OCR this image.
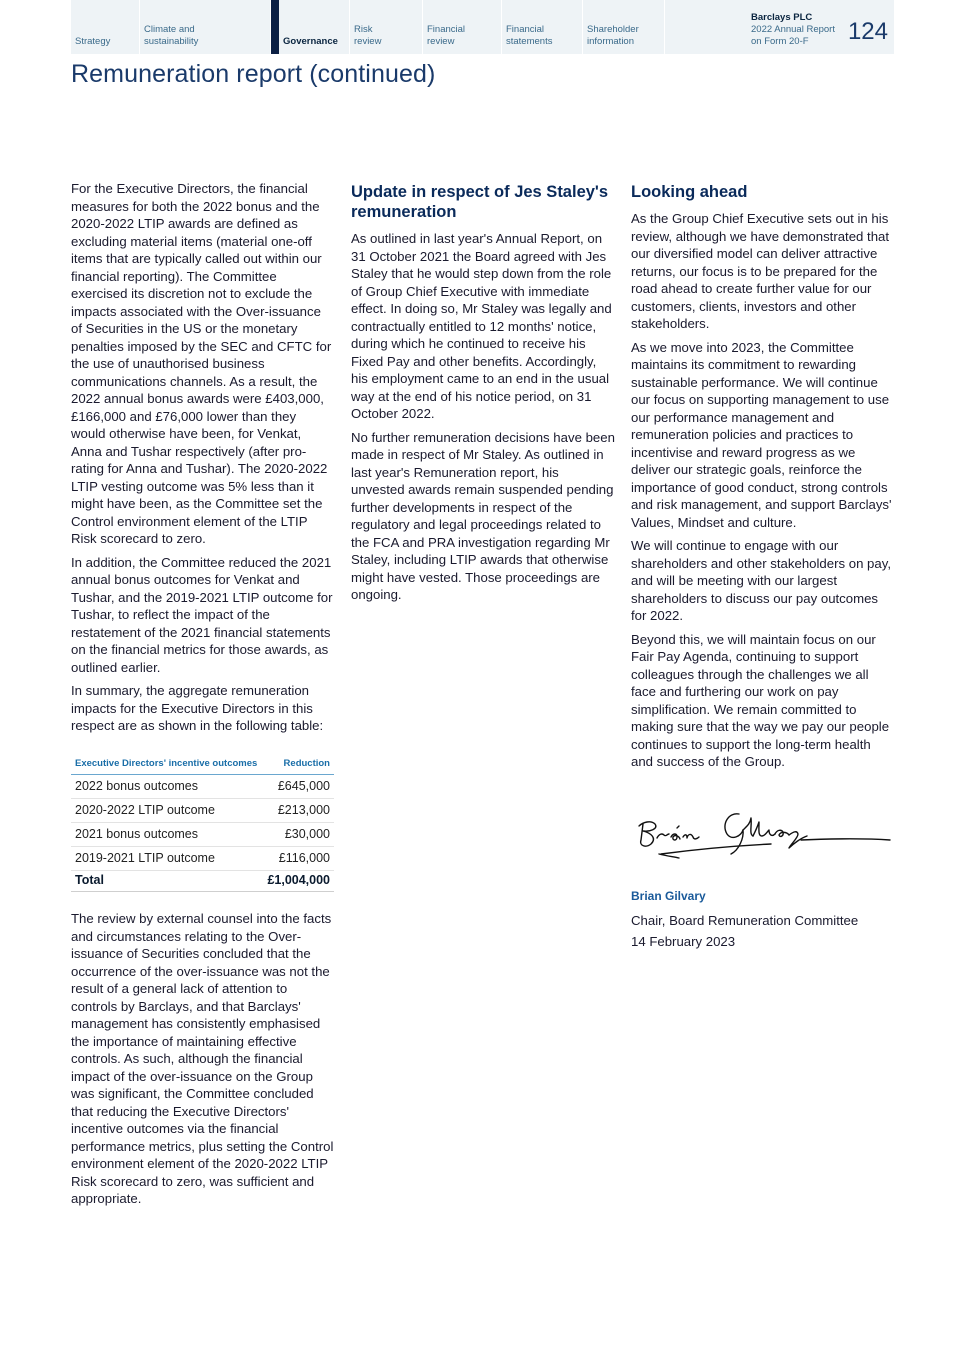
Strategy
Climate and sustainability	Governance
Risk review
Financial review
Financial statements
Shareholder information
Barclays PLC
2022 Annual Report on Form 20-F	124
Remuneration report (continued)

For the Executive Directors, the financial measures for both the 2022 bonus and the 2020-2022 LTIP awards are defined as excluding material items (material one-off items that are typically called out within our financial reporting). The Committee exercised its discretion not to exclude the impacts associated with the Over-issuance of Securities in the US or the monetary penalties imposed by the SEC and CFTC for the use of unauthorised business communications channels. As a result, the 2022 annual bonus awards were £403,000, £166,000 and £76,000 lower than they would otherwise have been, for Venkat, Anna and Tushar respectively (after pro-rating for Anna and Tushar). The 2020-2022 LTIP vesting outcome was 5% less than it might have been, as the Committee set the Control environment element of the LTIP Risk scorecard to zero.

In addition, the Committee reduced the 2021 annual bonus outcomes for Venkat and Tushar, and the 2019-2021 LTIP outcome for Tushar, to reflect the impact of the restatement of the 2021 financial statements on the financial metrics for those awards, as outlined earlier.

In summary, the aggregate remuneration impacts for the Executive Directors in this respect are as shown in the following table:

Executive Directors' incentive outcomes	Reduction
2022 bonus outcomes	£645,000
2020-2022 LTIP outcome	£213,000
2021 bonus outcomes	£30,000
2019-2021 LTIP outcome	£116,000
Total	£1,004,000

The review by external counsel into the facts and circumstances relating to the Over-issuance of Securities concluded that the occurrence of the over-issuance was not the result of a general lack of attention to controls by Barclays, and that Barclays' management has consistently emphasised the importance of maintaining effective controls. As such, although the financial impact of the over-issuance on the Group was significant, the Committee concluded that reducing the Executive Directors' incentive outcomes via the financial performance metrics, plus setting the Control environment element of the 2020-2022 LTIP Risk scorecard to zero, was sufficient and appropriate.

Update in respect of Jes Staley's remuneration

As outlined in last year's Annual Report, on 31 October 2021 the Board agreed with Jes Staley that he would step down from the role of Group Chief Executive with immediate effect. In doing so, Mr Staley was legally and contractually entitled to 12 months' notice, during which he continued to receive his Fixed Pay and other benefits. Accordingly, his employment came to an end in the usual way at the end of his notice period, on 31 October 2022.

No further remuneration decisions have been made in respect of Mr Staley. As outlined in last year's Remuneration report, his unvested awards remain suspended pending further developments in respect of the regulatory and legal proceedings related to the FCA and PRA investigation regarding Mr Staley, including LTIP awards that otherwise might have vested. Those proceedings are ongoing.

Looking ahead

As the Group Chief Executive sets out in his review, although we have demonstrated that our diversified model can deliver attractive returns, our focus is to be prepared for the road ahead to create further value for our customers, clients, investors and other stakeholders.

As we move into 2023, the Committee maintains its commitment to rewarding sustainable performance. We will continue our focus on supporting management to use our performance management and remuneration policies and practices to incentivise and reward progress as we deliver our strategic goals, reinforce the importance of good conduct, strong controls and risk management, and support Barclays' Values, Mindset and culture.

We will continue to engage with our shareholders and other stakeholders on pay, and will be meeting with our largest shareholders to discuss our pay outcomes for 2022.

Beyond this, we will maintain focus on our Fair Pay Agenda, continuing to support colleagues through the challenges we all face and furthering our work on pay simplification. We remain committed to making sure that the way we pay our people continues to support the long-term health and success of the Group.

Brian Gilvary
Chair, Board Remuneration Committee
14 February 2023
